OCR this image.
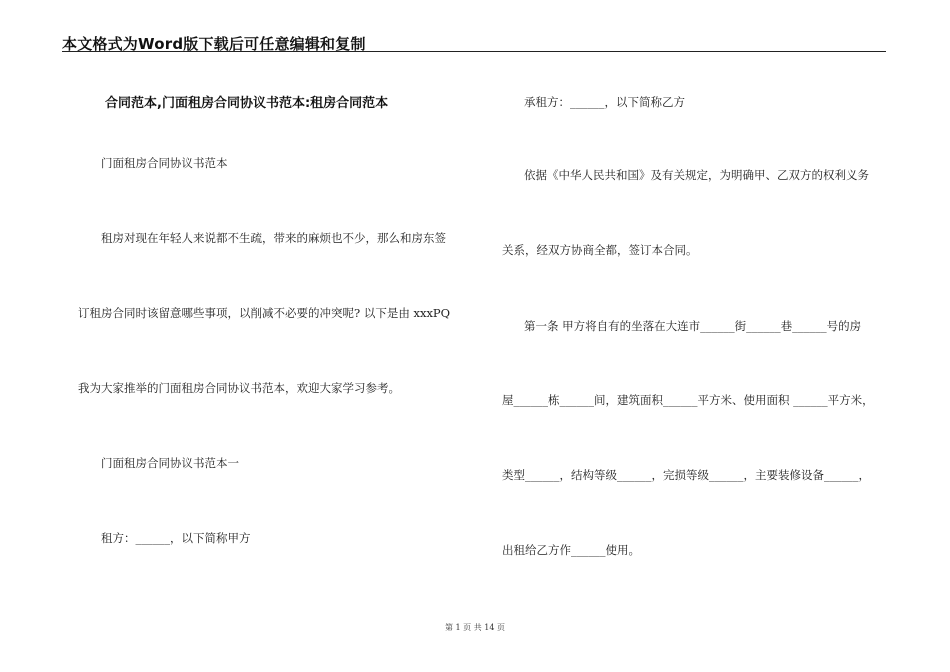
本文格式为Word版下载后可任意编辑和复制
合同范本,门面租房合同协议书范本:租房合同范本
门面租房合同协议书范本
租房对现在年轻人来说都不生疏，带来的麻烦也不少，那么和房东签
订租房合同时该留意哪些事项，以削减不必要的冲突呢? 以下是由 xxxPQ
我为大家推举的门面租房合同协议书范本，欢迎大家学习参考。
门面租房合同协议书范本一
租方：______，以下简称甲方
承租方：______，以下简称乙方
依据《中华人民共和国》及有关规定，为明确甲、乙双方的权利义务
关系，经双方协商全都，签订本合同。
第一条 甲方将自有的坐落在大连市______街______巷______号的房
屋______栋______间，建筑面积______平方米、使用面积 ______平方米，
类型______，结构等级______，完损等级______，主要装修设备______，
出租给乙方作______使用。
第 1 页 共 14 页
